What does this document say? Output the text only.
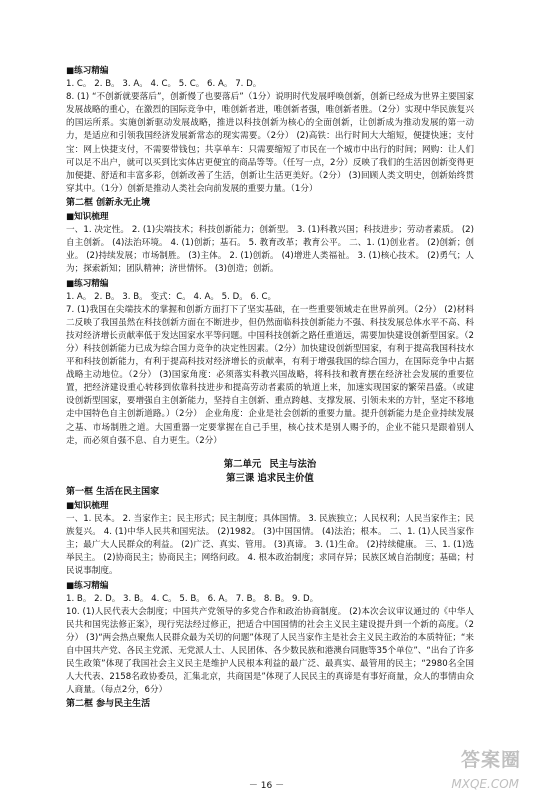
■练习精编
1. C。 2. B。 3. A。 4. C。 5. C。 6. A。 7. D。
8. (1) “不创新就要落后”，创新慢了也要落后”（1分）说明时代发展呼唤创新，创新已经成为世界主要国家发展战略的重心，在激烈的国际竞争中，唯创新者进，唯创新者强，唯创新者胜。（2分）实现中华民族复兴的国运所系。实施创新驱动发展战略，推进以科技创新为核心的全面创新，让创新成为推动发展的第一动力，是适应和引领我国经济发展新常态的现实需要。（2分） (2)高铁：出行时间大大缩短，便捷快速；支付宝：网上快捷支付，不需要带钱包；共享单车：只需要缩短了市民在一个城市中出行的时间；网购：让人们可以足不出户，就可以买到比实体店更便宜的商品等等。（任写一点，2分）反映了我们的生活因创新变得更加便捷、舒适和丰富多彩，创新改善了生活，创新让生活更美好。（2分） (3)回顾人类文明史，创新始终贯穿其中。（1分）创新是推动人类社会向前发展的重要力量。（1分）
第二框 创新永无止境
■知识梳理
一、1. 决定性。 2. (1)尖端技术；科技创新能力；创新型。 3. (1)科教兴国；科技进步；劳动者素质。 (2)自主创新。 (4)法治环境。 4. (1)创新；基石。 5. 教育改革；教育公平。 二、1. (1)创业者。 (2)创新；创业。 (2)持续发展；市场制胜。 (3)主体。 2. (1)创新。 (4)增进人类福祉。 3. (1)核心技术。 (2)勇气；人为；探索新知；团队精神；济世情怀。 (3)创造；创新。
■练习精编
1. A。 2. B。 3. B。 变式：C。 4. A。 5. D。 6. C。
7. (1)我国在尖端技术的掌握和创新方面打下了坚实基础，在一些重要领域走在世界前列。（2分） (2)材料二反映了我国虽然在科技创新方面在不断进步，但仍然面临科技创新能力不强、科技发展总体水平不高、科技对经济增长贡献率低于发达国家水平等问题。中国科技创新之路任重道远，需要加快建设创新型国家。（2分）科技创新能力已成为综合国力竞争的决定性因素。（2分）加快建设创新型国家，有利于提高我国科技水平和科技创新能力，有利于提高科技对经济增长的贡献率，有利于增强我国的综合国力，在国际竞争中占据战略主动地位。（2分） (3)国家角度：必须落实科教兴国战略，将科技和教育摆在经济社会发展的重要位置，把经济建设重心转移到依靠科技进步和提高劳动者素质的轨道上来，加速实现国家的繁荣昌盛。（或建设创新型国家，要增强自主创新能力，坚持自主创新、重点跨越、支撑发展、引领未来的方针，坚定不移地走中国特色自主创新道路。）（2分） 企业角度：企业是社会创新的重要力量。提升创新能力是企业持续发展之基、市场制胜之道。大国重器一定要掌握在自己手里，核心技术是别人赐予的，企业不能只是跟着别人走，而必须自强不息、自力更生。（2分）
第二单元 民主与法治
第三课 追求民主价值
第一框 生活在民主国家
■知识梳理
一、1. 民本。 2. 当家作主；民主形式；民主制度；具体国情。 3. 民族独立；人民权利；人民当家作主；民族复兴。 4. (1)中华人民共和国宪法。 (2)1982。 (3)中国国情。 (4)法治；根本。 二、1. (1)人民当家作主；最广大人民群众的利益。 (2)广泛、真实、管用。 (3)真谛。 3. (1)生命。 (2)持续健康。 三、1. (1)选举民主。 (2)协商民主；协商民主；网络问政。 4. 根本政治制度；求同存异；民族区域自治制度；基础；村民说事制度。
■练习精编
1. B。 2. D。 3. B。 4. C。 5. B。 6. A。 7. B。 8. B。 9. D。
10. (1)人民代表大会制度；中国共产党领导的多党合作和政治协商制度。 (2)本次会议审议通过的《中华人民共和国宪法修正案》，现行宪法经过修正，把适合中国国情的社会主义民主建设提升到一个新的高度。（2分） (3)“两会热点聚焦人民群众最为关切的问题”体现了人民当家作主是社会主义民主政治的本质特征；“来自中国共产党、各民主党派、无党派人士、人民团体、各少数民族和港澳台同胞等35个单位”、“出台了许多民生政策”体现了我国社会主义民主是维护人民根本利益的最广泛、最真实、最管用的民主；“2980名全国人大代表、2158名政协委员，汇集北京，共商国是”体现了人民民主的真谛是有事好商量，众人的事情由众人商量。（每点2分，6分）
第二框 参与民主生活
－ 16 －
答案圈
MXQE.COM
